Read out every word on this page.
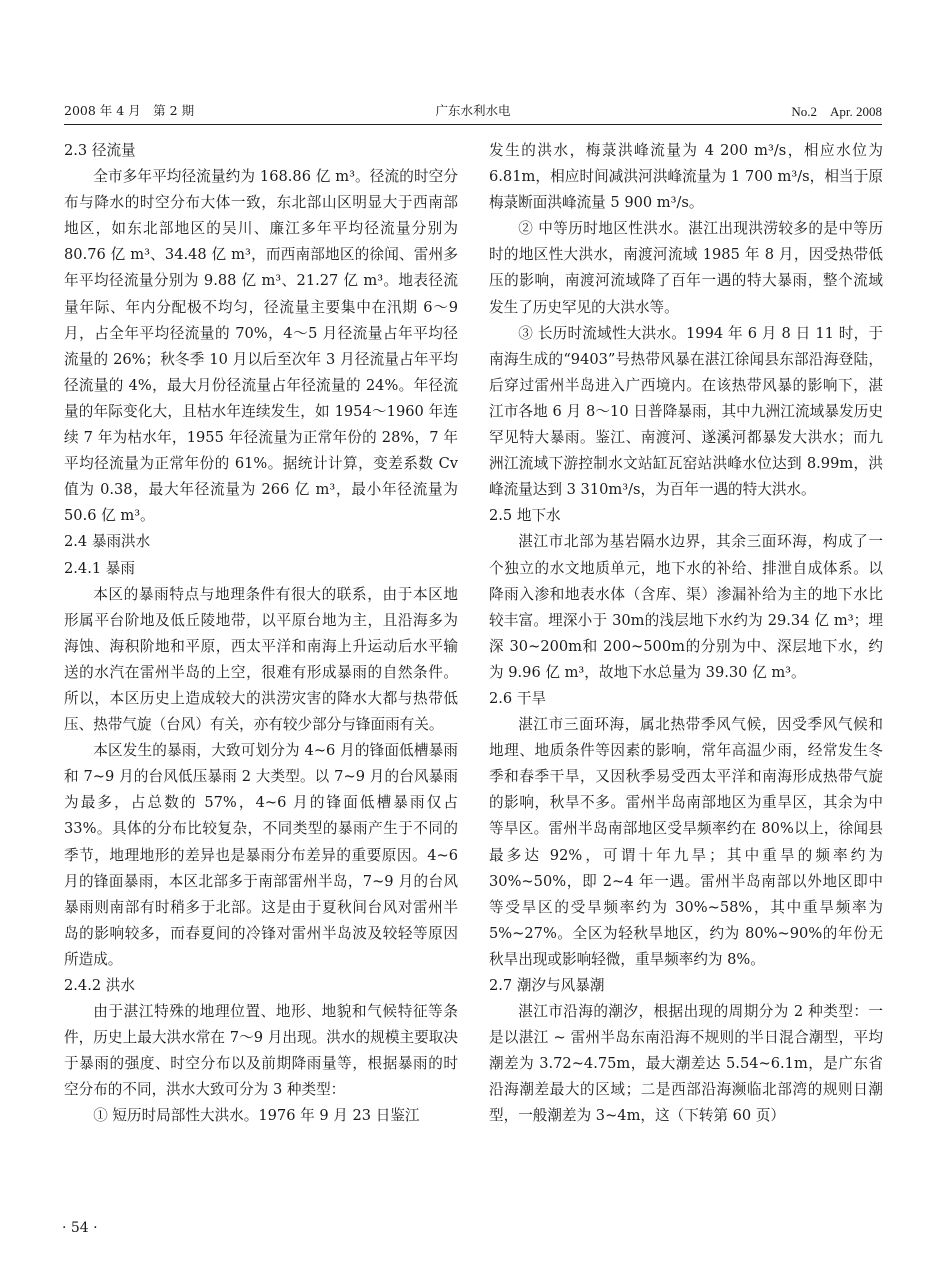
2008 年 4 月　第 2 期	广东水利水电	No.2　Apr. 2008

2.3 径流量

全市多年平均径流量约为 168.86 亿 m³。径流的时空分布与降水的时空分布大体一致，东北部山区明显大于西南部地区，如东北部地区的吴川、廉江多年平均径流量分别为 80.76 亿 m³、34.48 亿 m³，而西南部地区的徐闻、雷州多年平均径流量分别为 9.88 亿 m³、21.27 亿 m³。地表径流量年际、年内分配极不均匀，径流量主要集中在汛期 6～9 月，占全年平均径流量的 70%，4～5 月径流量占年平均径流量的 26%；秋冬季 10 月以后至次年 3 月径流量占年平均径流量的 4%，最大月份径流量占年径流量的 24%。年径流量的年际变化大，且枯水年连续发生，如 1954～1960 年连续 7 年为枯水年，1955 年径流量为正常年份的 28%，7 年平均径流量为正常年份的 61%。据统计计算，变差系数 Cv 值为 0.38，最大年径流量为 266 亿 m³，最小年径流量为 50.6 亿 m³。

2.4 暴雨洪水

2.4.1 暴雨

本区的暴雨特点与地理条件有很大的联系，由于本区地形属平台阶地及低丘陵地带，以平原台地为主，且沿海多为海蚀、海积阶地和平原，西太平洋和南海上升运动后水平输送的水汽在雷州半岛的上空，很难有形成暴雨的自然条件。所以，本区历史上造成较大的洪涝灾害的降水大都与热带低压、热带气旋（台风）有关，亦有较少部分与锋面雨有关。

本区发生的暴雨，大致可划分为 4~6 月的锋面低槽暴雨和 7~9 月的台风低压暴雨 2 大类型。以 7~9 月的台风暴雨为最多，占总数的 57%，4~6 月的锋面低槽暴雨仅占 33%。具体的分布比较复杂，不同类型的暴雨产生于不同的季节，地理地形的差异也是暴雨分布差异的重要原因。4~6 月的锋面暴雨，本区北部多于南部雷州半岛，7~9 月的台风暴雨则南部有时稍多于北部。这是由于夏秋间台风对雷州半岛的影响较多，而春夏间的冷锋对雷州半岛波及较轻等原因所造成。

2.4.2 洪水

由于湛江特殊的地理位置、地形、地貌和气候特征等条件，历史上最大洪水常在 7～9 月出现。洪水的规模主要取决于暴雨的强度、时空分布以及前期降雨量等，根据暴雨的时空分布的不同，洪水大致可分为 3 种类型：

① 短历时局部性大洪水。1976 年 9 月 23 日鉴江

发生的洪水，梅菉洪峰流量为 4 200 m³/s，相应水位为 6.81m，相应时间减洪河洪峰流量为 1 700 m³/s，相当于原梅菉断面洪峰流量 5 900 m³/s。

② 中等历时地区性洪水。湛江出现洪涝较多的是中等历时的地区性大洪水，南渡河流域 1985 年 8 月，因受热带低压的影响，南渡河流域降了百年一遇的特大暴雨，整个流域发生了历史罕见的大洪水等。

③ 长历时流域性大洪水。1994 年 6 月 8 日 11 时，于南海生成的“9403”号热带风暴在湛江徐闻县东部沿海登陆，后穿过雷州半岛进入广西境内。在该热带风暴的影响下，湛江市各地 6 月 8～10 日普降暴雨，其中九洲江流域暴发历史罕见特大暴雨。鉴江、南渡河、遂溪河都暴发大洪水；而九洲江流域下游控制水文站缸瓦窑站洪峰水位达到 8.99m，洪峰流量达到 3 310m³/s，为百年一遇的特大洪水。

2.5 地下水

湛江市北部为基岩隔水边界，其余三面环海，构成了一个独立的水文地质单元，地下水的补给、排泄自成体系。以降雨入渗和地表水体（含库、渠）渗漏补给为主的地下水比较丰富。埋深小于 30m的浅层地下水约为 29.34 亿 m³；埋深 30~200m和 200~500m的分别为中、深层地下水，约为 9.96 亿 m³，故地下水总量为 39.30 亿 m³。

2.6 干旱

湛江市三面环海，属北热带季风气候，因受季风气候和地理、地质条件等因素的影响，常年高温少雨，经常发生冬季和春季干旱，又因秋季易受西太平洋和南海形成热带气旋的影响，秋旱不多。雷州半岛南部地区为重旱区，其余为中等旱区。雷州半岛南部地区受旱频率约在 80%以上，徐闻县最多达 92%，可谓十年九旱；其中重旱的频率约为 30%~50%，即 2~4 年一遇。雷州半岛南部以外地区即中等受旱区的受旱频率约为 30%~58%，其中重旱频率为 5%~27%。全区为轻秋旱地区，约为 80%~90%的年份无秋旱出现或影响轻微，重旱频率约为 8%。

2.7 潮汐与风暴潮

湛江市沿海的潮汐，根据出现的周期分为 2 种类型：一是以湛江 ~ 雷州半岛东南沿海不规则的半日混合潮型，平均潮差为 3.72~4.75m，最大潮差达 5.54~6.1m，是广东省沿海潮差最大的区域；二是西部沿海濒临北部湾的规则日潮型，一般潮差为 3~4m，这（下转第 60 页）

· 54 ·
